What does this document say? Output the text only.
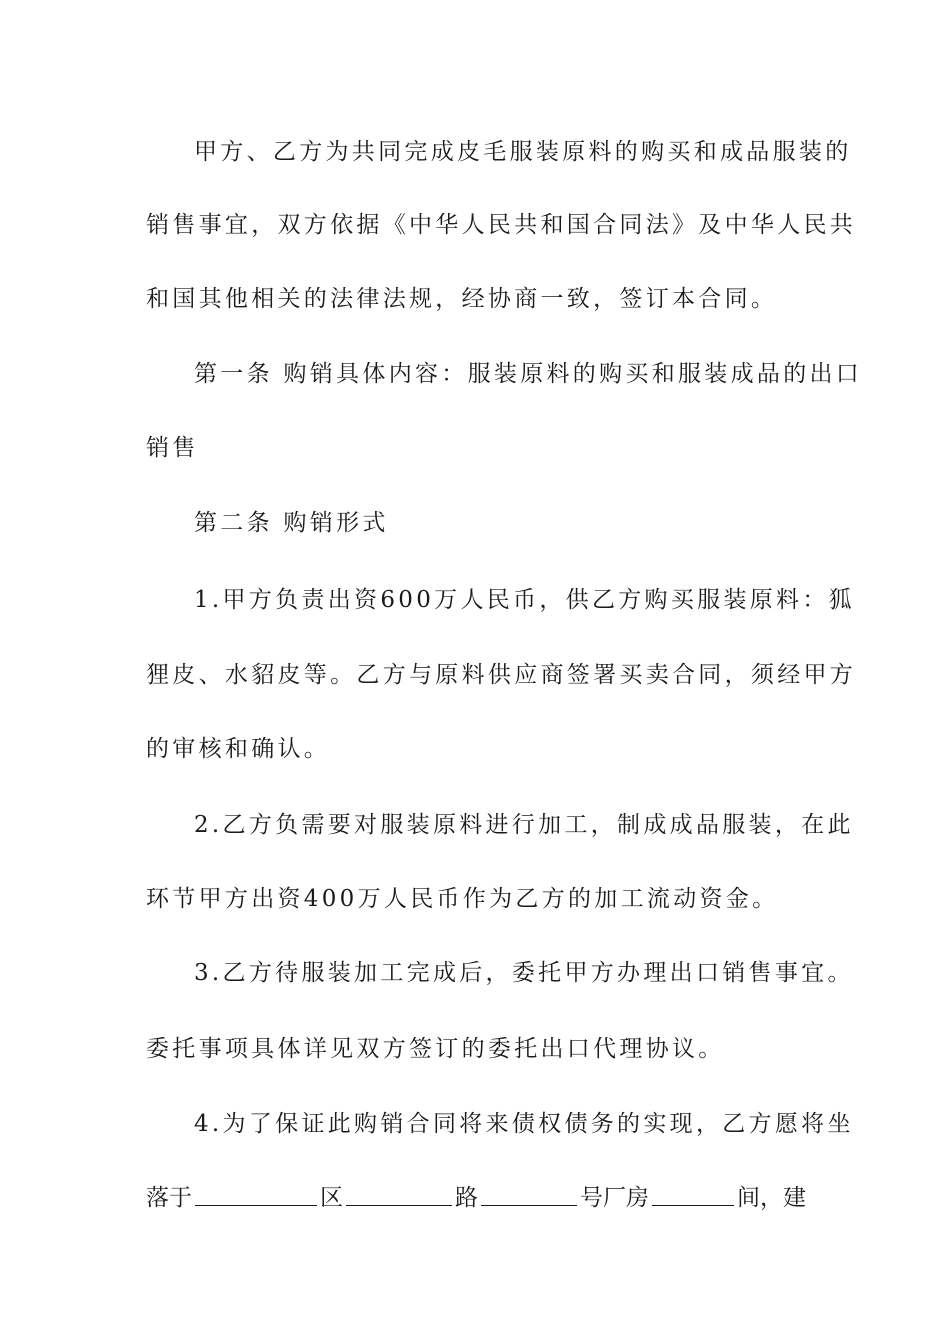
甲方、乙方为共同完成皮毛服装原料的购买和成品服装的
销售事宜，双方依据《中华人民共和国合同法》及中华人民共
和国其他相关的法律法规，经协商一致，签订本合同。
第一条 购销具体内容：服装原料的购买和服装成品的出口
销售
第二条 购销形式
1.甲方负责出资600万人民币，供乙方购买服装原料：狐
狸皮、水貂皮等。乙方与原料供应商签署买卖合同，须经甲方
的审核和确认。
2.乙方负需要对服装原料进行加工，制成成品服装，在此
环节甲方出资400万人民币作为乙方的加工流动资金。
3.乙方待服装加工完成后，委托甲方办理出口销售事宜。
委托事项具体详见双方签订的委托出口代理协议。
4.为了保证此购销合同将来债权债务的实现，乙方愿将坐
落于	区	路	号厂房	间，建
